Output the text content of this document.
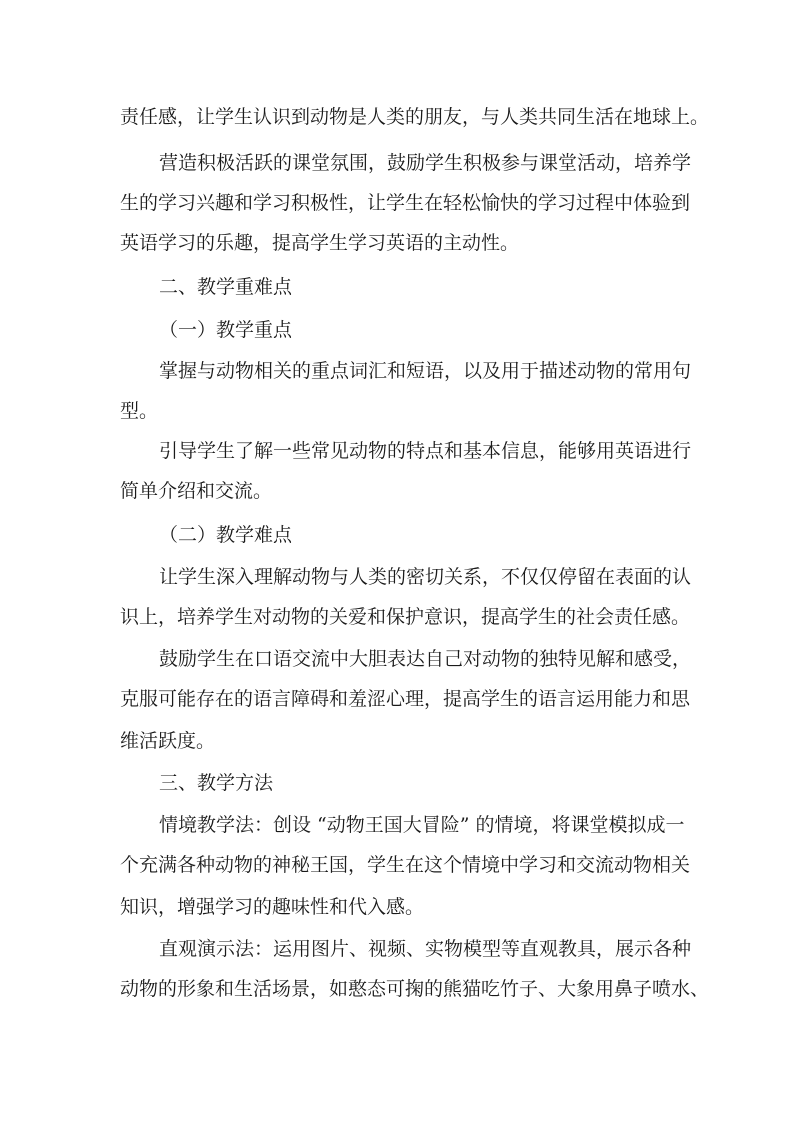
责任感，让学生认识到动物是人类的朋友，与人类共同生活在地球上。
营造积极活跃的课堂氛围，鼓励学生积极参与课堂活动，培养学
生的学习兴趣和学习积极性，让学生在轻松愉快的学习过程中体验到
英语学习的乐趣，提高学生学习英语的主动性。
二、教学重难点
（一）教学重点
掌握与动物相关的重点词汇和短语，以及用于描述动物的常用句
型。
引导学生了解一些常见动物的特点和基本信息，能够用英语进行
简单介绍和交流。
（二）教学难点
让学生深入理解动物与人类的密切关系，不仅仅停留在表面的认
识上，培养学生对动物的关爱和保护意识，提高学生的社会责任感。
鼓励学生在口语交流中大胆表达自己对动物的独特见解和感受，
克服可能存在的语言障碍和羞涩心理，提高学生的语言运用能力和思
维活跃度。
三、教学方法
情境教学法：创设 “动物王国大冒险” 的情境，将课堂模拟成一
个充满各种动物的神秘王国，学生在这个情境中学习和交流动物相关
知识，增强学习的趣味性和代入感。
直观演示法：运用图片、视频、实物模型等直观教具，展示各种
动物的形象和生活场景，如憨态可掬的熊猫吃竹子、大象用鼻子喷水、
